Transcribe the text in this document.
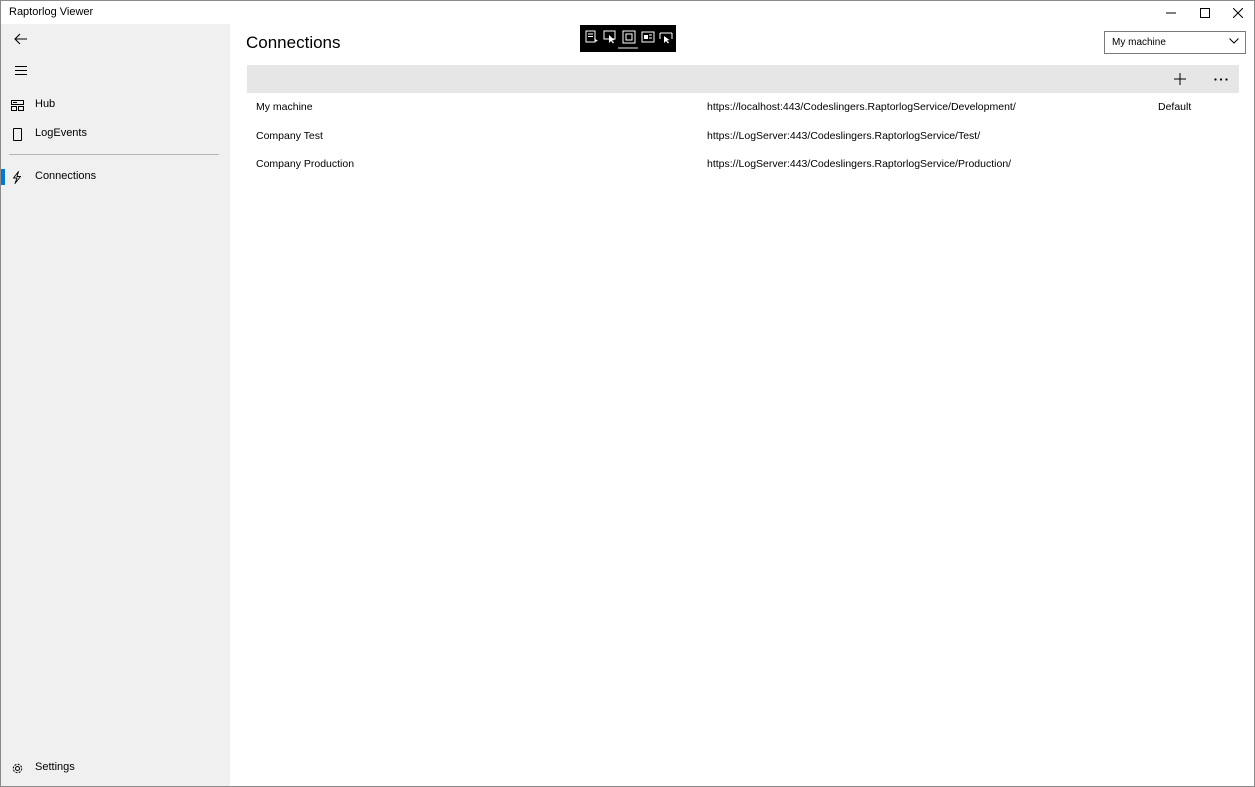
Raptorlog Viewer
Hub
LogEvents
Connections
Settings
Connections	My machine
My machine	https://localhost:443/Codeslingers.RaptorlogService/Development/	Default
Company Test	https://LogServer:443/Codeslingers.RaptorlogService/Test/
Company Production	https://LogServer:443/Codeslingers.RaptorlogService/Production/
